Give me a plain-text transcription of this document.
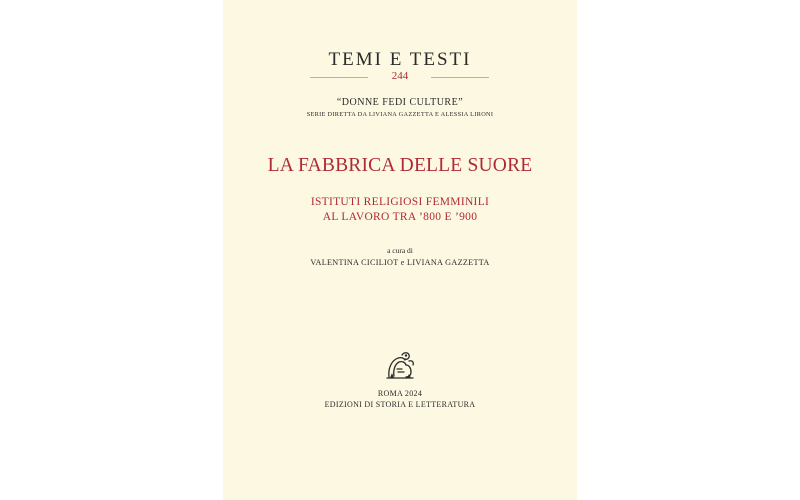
TEMI E TESTI
244
“DONNE FEDI CULTURE”
SERIE DIRETTA DA LIVIANA GAZZETTA E ALESSIA LIRONI
LA FABBRICA DELLE SUORE
ISTITUTI RELIGIOSI FEMMINILI
AL LAVORO TRA ’800 E ’900
a cura di
VALENTINA CICILIOT e LIVIANA GAZZETTA
ROMA 2024
EDIZIONI DI STORIA E LETTERATURA
